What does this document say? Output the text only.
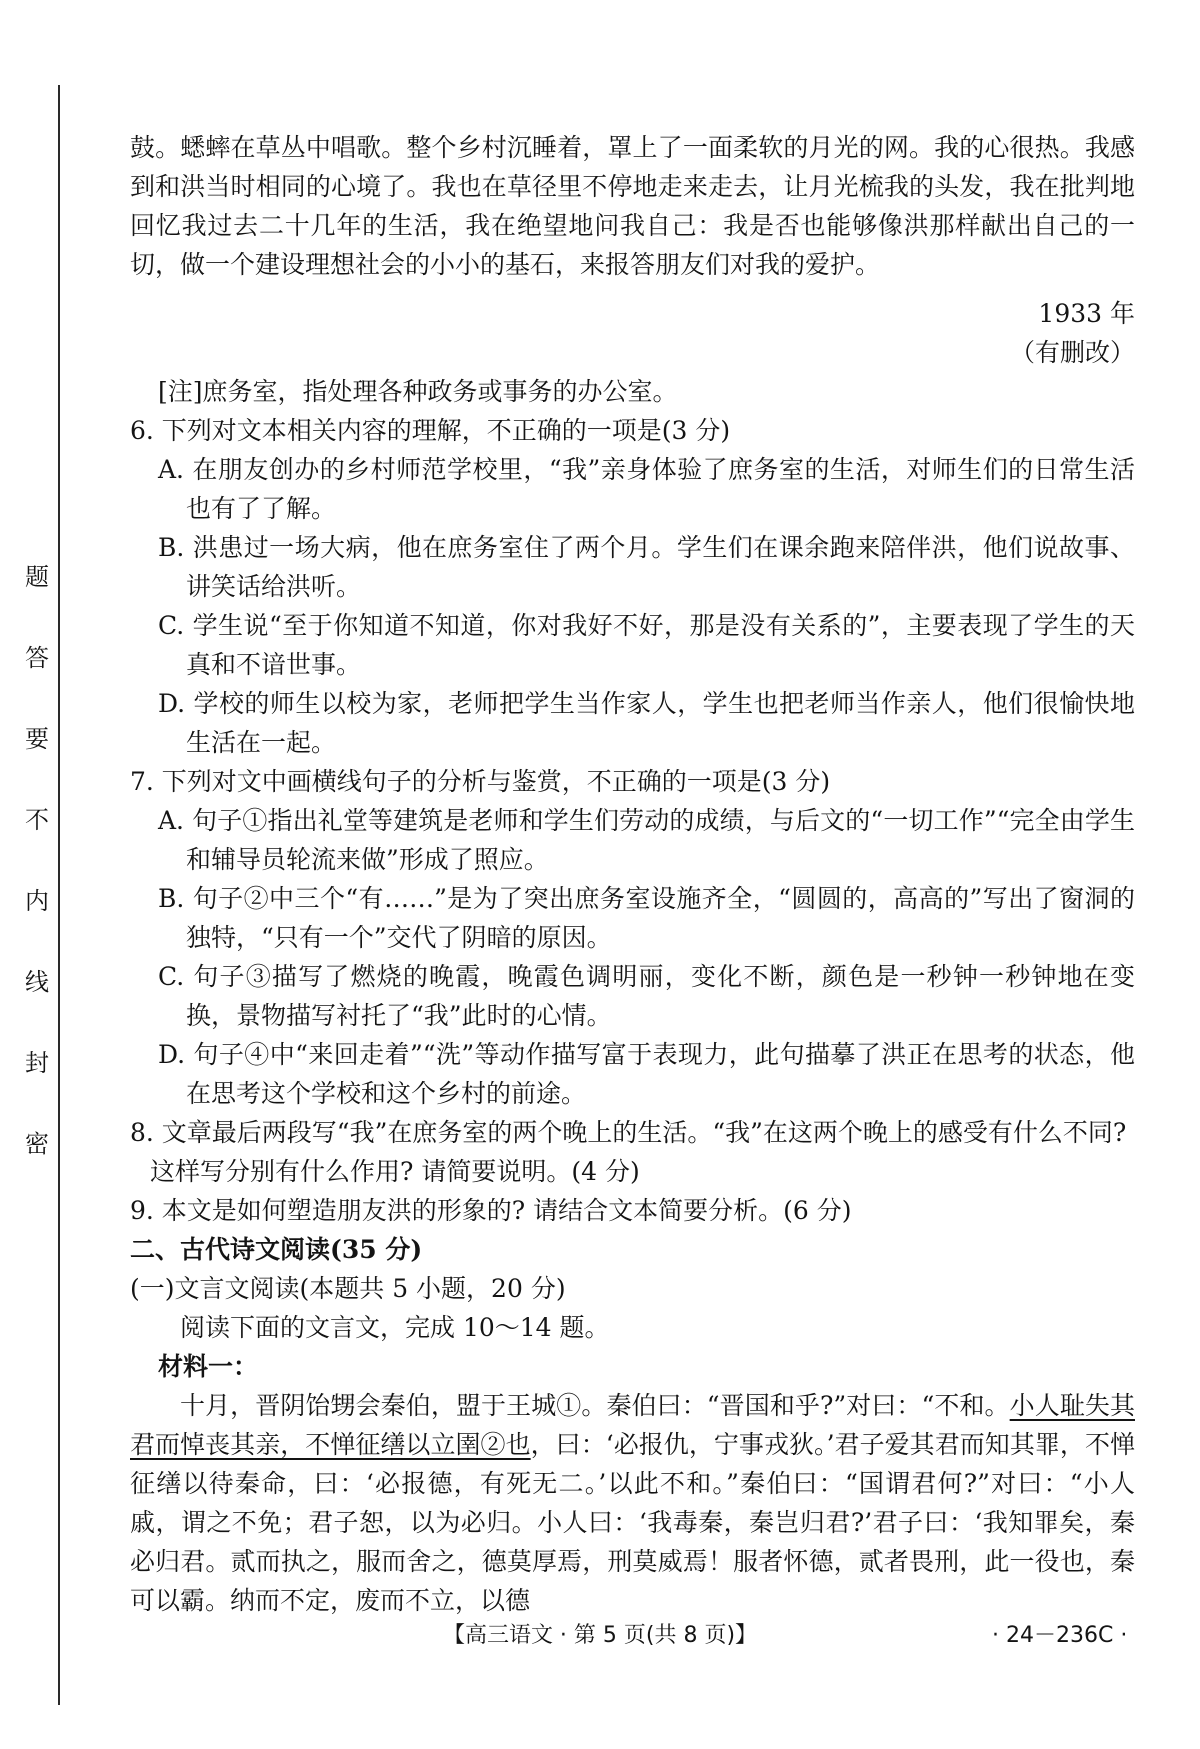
题
答
要
不
内
线
封
密

鼓。蟋蟀在草丛中唱歌。整个乡村沉睡着，罩上了一面柔软的月光的网。我的心很热。我感到和洪当时相同的心境了。我也在草径里不停地走来走去，让月光梳我的头发，我在批判地回忆我过去二十几年的生活，我在绝望地问我自己：我是否也能够像洪那样献出自己的一切，做一个建设理想社会的小小的基石，来报答朋友们对我的爱护。

1933 年

（有删改）

[注]庶务室，指处理各种政务或事务的办公室。

6. 下列对文本相关内容的理解，不正确的一项是(3 分)

A. 在朋友创办的乡村师范学校里，“我”亲身体验了庶务室的生活，对师生们的日常生活也有了了解。

B. 洪患过一场大病，他在庶务室住了两个月。学生们在课余跑来陪伴洪，他们说故事、讲笑话给洪听。

C. 学生说“至于你知道不知道，你对我好不好，那是没有关系的”，主要表现了学生的天真和不谙世事。

D. 学校的师生以校为家，老师把学生当作家人，学生也把老师当作亲人，他们很愉快地生活在一起。

7. 下列对文中画横线句子的分析与鉴赏，不正确的一项是(3 分)

A. 句子①指出礼堂等建筑是老师和学生们劳动的成绩，与后文的“一切工作”“完全由学生和辅导员轮流来做”形成了照应。

B. 句子②中三个“有……”是为了突出庶务室设施齐全，“圆圆的，高高的”写出了窗洞的独特，“只有一个”交代了阴暗的原因。

C. 句子③描写了燃烧的晚霞，晚霞色调明丽，变化不断，颜色是一秒钟一秒钟地在变换，景物描写衬托了“我”此时的心情。

D. 句子④中“来回走着”“洗”等动作描写富于表现力，此句描摹了洪正在思考的状态，他在思考这个学校和这个乡村的前途。

8. 文章最后两段写“我”在庶务室的两个晚上的生活。“我”在这两个晚上的感受有什么不同?

这样写分别有什么作用? 请简要说明。(4 分)

9. 本文是如何塑造朋友洪的形象的? 请结合文本简要分析。(6 分)

二、古代诗文阅读(35 分)

(一)文言文阅读(本题共 5 小题，20 分)

阅读下面的文言文，完成 10～14 题。

材料一：

十月，晋阴饴甥会秦伯，盟于王城①。秦伯曰：“晋国和乎?”对曰：“不和。小人耻失其君而悼丧其亲，不惮征缮以立圉②也，曰：‘必报仇，宁事戎狄。’君子爱其君而知其罪，不惮征缮以待秦命，曰：‘必报德，有死无二。’以此不和。”秦伯曰：“国谓君何?”对曰：“小人戚，谓之不免；君子恕，以为必归。小人曰：‘我毒秦，秦岂归君?’君子曰：‘我知罪矣，秦必归君。贰而执之，服而舍之，德莫厚焉，刑莫威焉！服者怀德，贰者畏刑，此一役也，秦可以霸。纳而不定，废而不立，以德

【高三语文 · 第 5 页(共 8 页)】	· 24－236C ·
